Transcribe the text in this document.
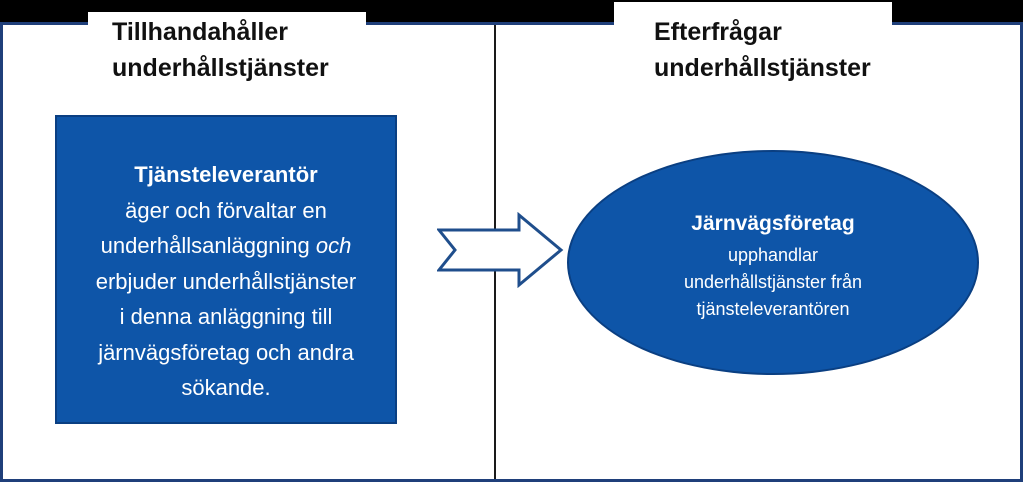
Tillhandahåller
underhållstjänster
Efterfrågar
underhållstjänster
Tjänsteleverantör
äger och förvaltar en
underhållsanläggning och
erbjuder underhållstjänster
i denna anläggning till
järnvägsföretag och andra
sökande.
Järnvägsföretag
upphandlar
underhållstjänster från
tjänsteleverantören
